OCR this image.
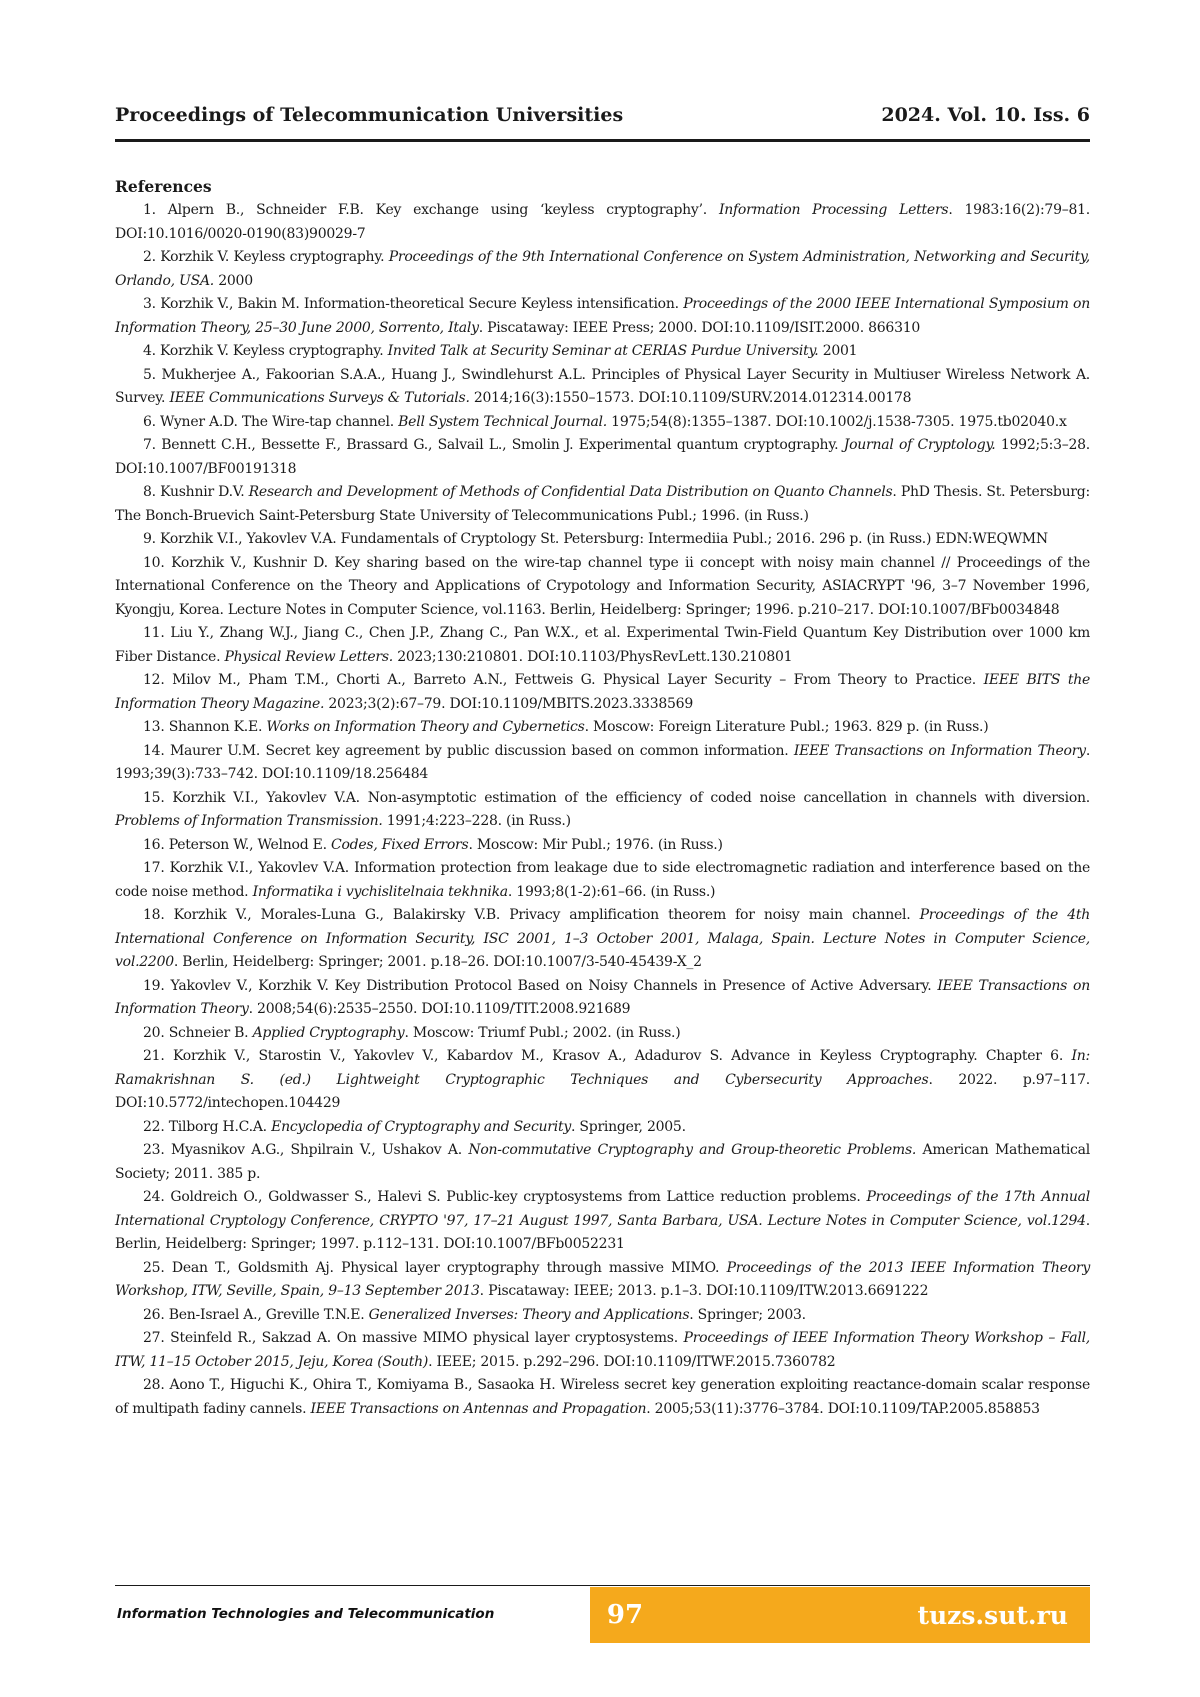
Proceedings of Telecommunication Universities	2024. Vol. 10. Iss. 6

References

1. Alpern B., Schneider F.B. Key exchange using ‘keyless cryptography’. Information Processing Letters. 1983:16(2):79–81. DOI:10.1016/0020-0190(83)90029-7

2. Korzhik V. Keyless cryptography. Proceedings of the 9th International Conference on System Administration, Networking and Security, Orlando, USA. 2000

3. Korzhik V., Bakin M. Information-theoretical Secure Keyless intensification. Proceedings of the 2000 IEEE International Symposium on Information Theory, 25–30 June 2000, Sorrento, Italy. Piscataway: IEEE Press; 2000. DOI:10.1109/ISIT.2000. 866310

4. Korzhik V. Keyless cryptography. Invited Talk at Security Seminar at CERIAS Purdue University. 2001

5. Mukherjee A., Fakoorian S.A.A., Huang J., Swindlehurst A.L. Principles of Physical Layer Security in Multiuser Wireless Network A. Survey. IEEE Communications Surveys & Tutorials. 2014;16(3):1550–1573. DOI:10.1109/SURV.2014.012314.00178

6. Wyner A.D. The Wire-tap channel. Bell System Technical Journal. 1975;54(8):1355–1387. DOI:10.1002/j.1538-7305. 1975.tb02040.x

7. Bennett C.H., Bessette F., Brassard G., Salvail L., Smolin J. Experimental quantum cryptography. Journal of Cryptology. 1992;5:3–28. DOI:10.1007/BF00191318

8. Kushnir D.V. Research and Development of Methods of Confidential Data Distribution on Quanto Channels. PhD Thesis. St. Petersburg: The Bonch-Bruevich Saint-Petersburg State University of Telecommunications Publ.; 1996. (in Russ.)

9. Korzhik V.I., Yakovlev V.A. Fundamentals of Cryptology St. Petersburg: Intermediia Publ.; 2016. 296 p. (in Russ.) EDN:WEQWMN

10. Korzhik V., Kushnir D. Key sharing based on the wire-tap channel type ii concept with noisy main channel // Proceedings of the International Conference on the Theory and Applications of Crypotology and Information Security, ASIACRYPT '96, 3–7 November 1996, Kyongju, Korea. Lecture Notes in Computer Science, vol.1163. Berlin, Heidelberg: Springer; 1996. p.210–217. DOI:10.1007/BFb0034848

11. Liu Y., Zhang W.J., Jiang C., Chen J.P., Zhang C., Pan W.X., et al. Experimental Twin-Field Quantum Key Distribution over 1000 km Fiber Distance. Physical Review Letters. 2023;130:210801. DOI:10.1103/PhysRevLett.130.210801

12. Milov M., Pham T.M., Chorti A., Barreto A.N., Fettweis G. Physical Layer Security – From Theory to Practice. IEEE BITS the Information Theory Magazine. 2023;3(2):67–79. DOI:10.1109/MBITS.2023.3338569

13. Shannon K.E. Works on Information Theory and Cybernetics. Moscow: Foreign Literature Publ.; 1963. 829 p. (in Russ.)

14. Maurer U.M. Secret key agreement by public discussion based on common information. IEEE Transactions on Information Theory. 1993;39(3):733–742. DOI:10.1109/18.256484

15. Korzhik V.I., Yakovlev V.A. Non-asymptotic estimation of the efficiency of coded noise cancellation in channels with diversion. Problems of Information Transmission. 1991;4:223–228. (in Russ.)

16. Peterson W., Welnod E. Codes, Fixed Errors. Moscow: Mir Publ.; 1976. (in Russ.)

17. Korzhik V.I., Yakovlev V.A. Information protection from leakage due to side electromagnetic radiation and interference based on the code noise method. Informatika i vychislitelnaia tekhnika. 1993;8(1-2):61–66. (in Russ.)

18. Korzhik V., Morales-Luna G., Balakirsky V.B. Privacy amplification theorem for noisy main channel. Proceedings of the 4th International Conference on Information Security, ISC 2001, 1–3 October 2001, Malaga, Spain. Lecture Notes in Computer Science, vol.2200. Berlin, Heidelberg: Springer; 2001. p.18–26. DOI:10.1007/3-540-45439-X_2

19. Yakovlev V., Korzhik V. Key Distribution Protocol Based on Noisy Channels in Presence of Active Adversary. IEEE Transactions on Information Theory. 2008;54(6):2535–2550. DOI:10.1109/TIT.2008.921689

20. Schneier B. Applied Cryptography. Moscow: Triumf Publ.; 2002. (in Russ.)

21. Korzhik V., Starostin V., Yakovlev V., Kabardov M., Krasov A., Adadurov S. Advance in Keyless Cryptography. Chapter 6. In: Ramakrishnan S. (ed.) Lightweight Cryptographic Techniques and Cybersecurity Approaches. 2022. p.97–117. DOI:10.5772/intechopen.104429

22. Tilborg H.C.A. Encyclopedia of Cryptography and Security. Springer, 2005.

23. Myasnikov A.G., Shpilrain V., Ushakov A. Non-commutative Cryptography and Group-theoretic Problems. American Mathematical Society; 2011. 385 p.

24. Goldreich O., Goldwasser S., Halevi S. Public-key cryptosystems from Lattice reduction problems. Proceedings of the 17th Annual International Cryptology Conference, CRYPTO '97, 17–21 August 1997, Santa Barbara, USA. Lecture Notes in Computer Science, vol.1294. Berlin, Heidelberg: Springer; 1997. p.112–131. DOI:10.1007/BFb0052231

25. Dean T., Goldsmith Aj. Physical layer cryptography through massive MIMO. Proceedings of the 2013 IEEE Information Theory Workshop, ITW, Seville, Spain, 9–13 September 2013. Piscataway: IEEE; 2013. p.1–3. DOI:10.1109/ITW.2013.6691222

26. Ben-Israel A., Greville T.N.E. Generalized Inverses: Theory and Applications. Springer; 2003.

27. Steinfeld R., Sakzad A. On massive MIMO physical layer cryptosystems. Proceedings of IEEE Information Theory Workshop – Fall, ITW, 11–15 October 2015, Jeju, Korea (South). IEEE; 2015. p.292–296. DOI:10.1109/ITWF.2015.7360782

28. Aono T., Higuchi K., Ohira T., Komiyama B., Sasaoka H. Wireless secret key generation exploiting reactance-domain scalar response of multipath fadiny cannels. IEEE Transactions on Antennas and Propagation. 2005;53(11):3776–3784. DOI:10.1109/TAP.2005.858853

Information Technologies and Telecommunication	97	tuzs.sut.ru
